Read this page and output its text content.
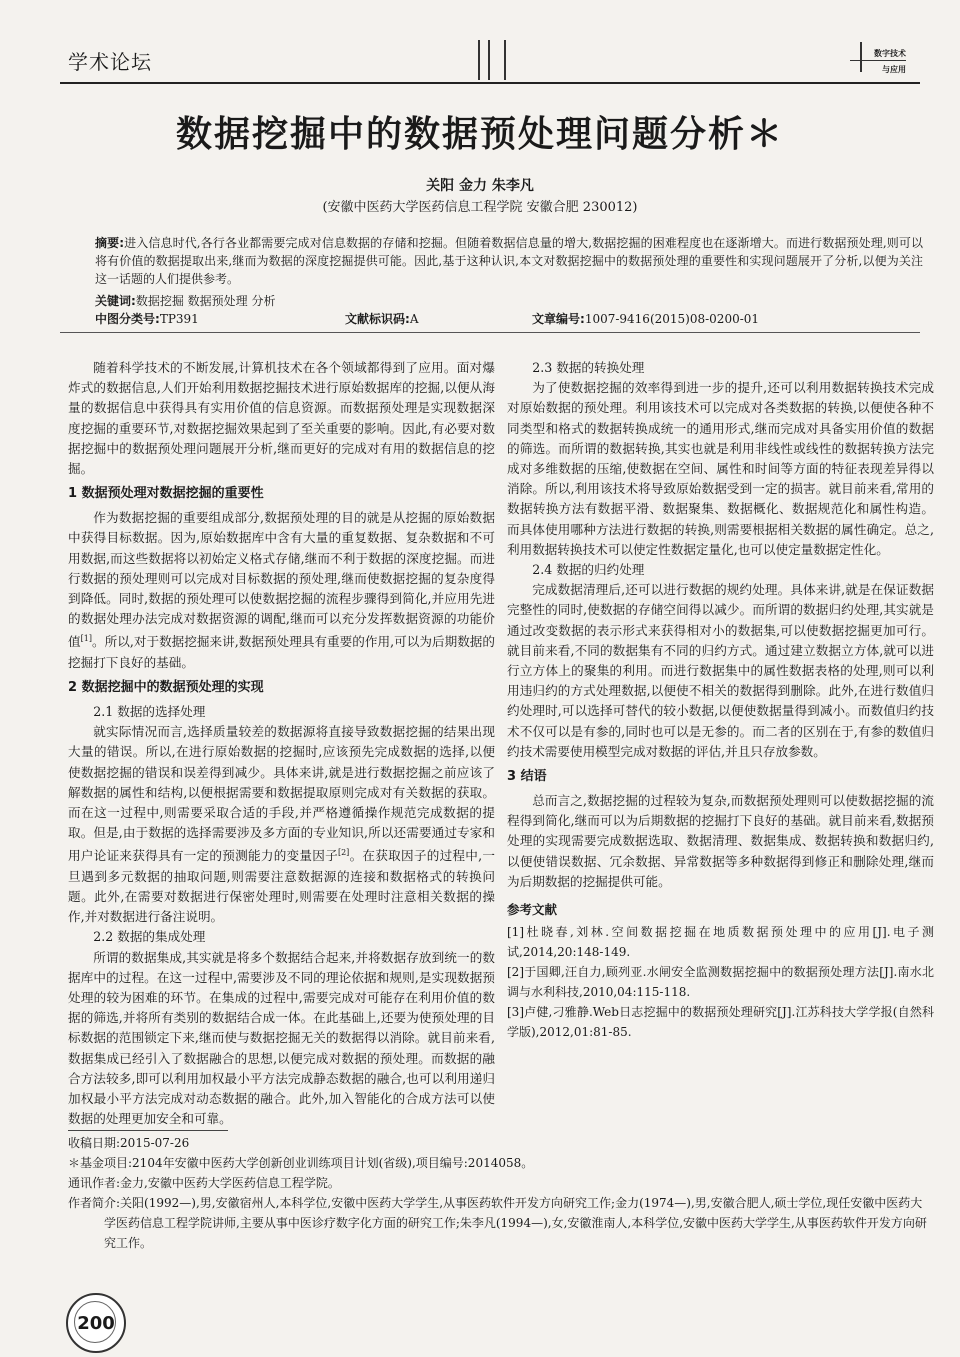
学术论坛	数字技术
与应用
数据挖掘中的数据预处理问题分析＊
关阳 金力 朱李凡
(安徽中医药大学医药信息工程学院 安徽合肥 230012)
摘要:进入信息时代,各行各业都需要完成对信息数据的存储和挖掘。但随着数据信息量的增大,数据挖掘的困难程度也在逐渐增大。而进行数据预处理,则可以将有价值的数据提取出来,继而为数据的深度挖掘提供可能。因此,基于这种认识,本文对数据挖掘中的数据预处理的重要性和实现问题展开了分析,以便为关注这一话题的人们提供参考。
关键词:数据挖掘 数据预处理 分析
中图分类号:TP391	文献标识码:A	文章编号:1007-9416(2015)08-0200-01

随着科学技术的不断发展,计算机技术在各个领域都得到了应用。面对爆炸式的数据信息,人们开始利用数据挖掘技术进行原始数据库的挖掘,以便从海量的数据信息中获得具有实用价值的信息资源。而数据预处理是实现数据深度挖掘的重要环节,对数据挖掘效果起到了至关重要的影响。因此,有必要对数据挖掘中的数据预处理问题展开分析,继而更好的完成对有用的数据信息的挖掘。

1 数据预处理对数据挖掘的重要性

作为数据挖掘的重要组成部分,数据预处理的目的就是从挖掘的原始数据中获得目标数据。因为,原始数据库中含有大量的重复数据、复杂数据和不可用数据,而这些数据将以初始定义格式存储,继而不利于数据的深度挖掘。而进行数据的预处理则可以完成对目标数据的预处理,继而使数据挖掘的复杂度得到降低。同时,数据的预处理可以使数据挖掘的流程步骤得到简化,并应用先进的数据处理办法完成对数据资源的调配,继而可以充分发挥数据资源的功能价值[1]。所以,对于数据挖掘来讲,数据预处理具有重要的作用,可以为后期数据的挖掘打下良好的基础。

2 数据挖掘中的数据预处理的实现
2.1 数据的选择处理

就实际情况而言,选择质量较差的数据源将直接导致数据挖掘的结果出现大量的错误。所以,在进行原始数据的挖掘时,应该预先完成数据的选择,以便使数据挖掘的错误和误差得到减少。具体来讲,就是进行数据挖掘之前应该了解数据的属性和结构,以便根据需要和数据提取原则完成对有关数据的获取。而在这一过程中,则需要采取合适的手段,并严格遵循操作规范完成数据的提取。但是,由于数据的选择需要涉及多方面的专业知识,所以还需要通过专家和用户论证来获得具有一定的预测能力的变量因子[2]。在获取因子的过程中,一旦遇到多元数据的抽取问题,则需要注意数据源的连接和数据格式的转换问题。此外,在需要对数据进行保密处理时,则需要在处理时注意相关数据的操作,并对数据进行备注说明。

2.2 数据的集成处理

所谓的数据集成,其实就是将多个数据结合起来,并将数据存放到统一的数据库中的过程。在这一过程中,需要涉及不同的理论依据和规则,是实现数据预处理的较为困难的环节。在集成的过程中,需要完成对可能存在利用价值的数据的筛选,并将所有类别的数据结合成一体。在此基础上,还要为使预处理的目标数据的范围锁定下来,继而使与数据挖掘无关的数据得以消除。就目前来看,数据集成已经引入了数据融合的思想,以便完成对数据的预处理。而数据的融合方法较多,即可以利用加权最小平方法完成静态数据的融合,也可以利用递归加权最小平方法完成对动态数据的融合。此外,加入智能化的合成方法可以使数据的处理更加安全和可靠。

2.3 数据的转换处理

为了使数据挖掘的效率得到进一步的提升,还可以利用数据转换技术完成对原始数据的预处理。利用该技术可以完成对各类数据的转换,以便使各种不同类型和格式的数据转换成统一的通用形式,继而完成对具备实用价值的数据的筛选。而所谓的数据转换,其实也就是利用非线性或线性的数据转换方法完成对多维数据的压缩,使数据在空间、属性和时间等方面的特征表现差异得以消除。所以,利用该技术将导致原始数据受到一定的损害。就目前来看,常用的数据转换方法有数据平滑、数据聚集、数据概化、数据规范化和属性构造。而具体使用哪种方法进行数据的转换,则需要根据相关数据的属性确定。总之,利用数据转换技术可以使定性数据定量化,也可以使定量数据定性化。

2.4 数据的归约处理

完成数据清理后,还可以进行数据的规约处理。具体来讲,就是在保证数据完整性的同时,使数据的存储空间得以减少。而所谓的数据归约处理,其实就是通过改变数据的表示形式来获得相对小的数据集,可以使数据挖掘更加可行。就目前来看,不同的数据集有不同的归约方式。通过建立数据立方体,就可以进行立方体上的聚集的利用。而进行数据集中的属性数据表格的处理,则可以利用违归约的方式处理数据,以便使不相关的数据得到删除。此外,在进行数值归约处理时,可以选择可替代的较小数据,以便使数据量得到减小。而数值归约技术不仅可以是有参的,同时也可以是无参的。而二者的区别在于,有参的数值归约技术需要使用模型完成对数据的评估,并且只存放参数。

3 结语

总而言之,数据挖掘的过程较为复杂,而数据预处理则可以使数据挖掘的流程得到简化,继而可以为后期数据的挖掘打下良好的基础。就目前来看,数据预处理的实现需要完成数据选取、数据清理、数据集成、数据转换和数据归约,以便使错误数据、冗余数据、异常数据等多种数据得到修正和删除处理,继而为后期数据的挖掘提供可能。

参考文献

[1]杜晓春,刘林.空间数据挖掘在地质数据预处理中的应用[J].电子测试,2014,20:148-149.

[2]于国卿,汪自力,顾列亚.水闸安全监测数据挖掘中的数据预处理方法[J].南水北调与水利科技,2010,04:115-118.

[3]卢健,刁雅静.Web日志挖掘中的数据预处理研究[J].江苏科技大学学报(自然科学版),2012,01:81-85.

收稿日期:2015-07-26

＊基金项目:2104年安徽中医药大学创新创业训练项目计划(省级),项目编号:2014058。

通讯作者:金力,安徽中医药大学医药信息工程学院。

作者简介:关阳(1992—),男,安徽宿州人,本科学位,安徽中医药大学学生,从事医药软件开发方向研究工作;金力(1974—),男,安徽合肥人,硕士学位,现任安徽中医药大学医药信息工程学院讲师,主要从事中医诊疗数字化方面的研究工作;朱李凡(1994—),女,安徽淮南人,本科学位,安徽中医药大学学生,从事医药软件开发方向研究工作。

200
